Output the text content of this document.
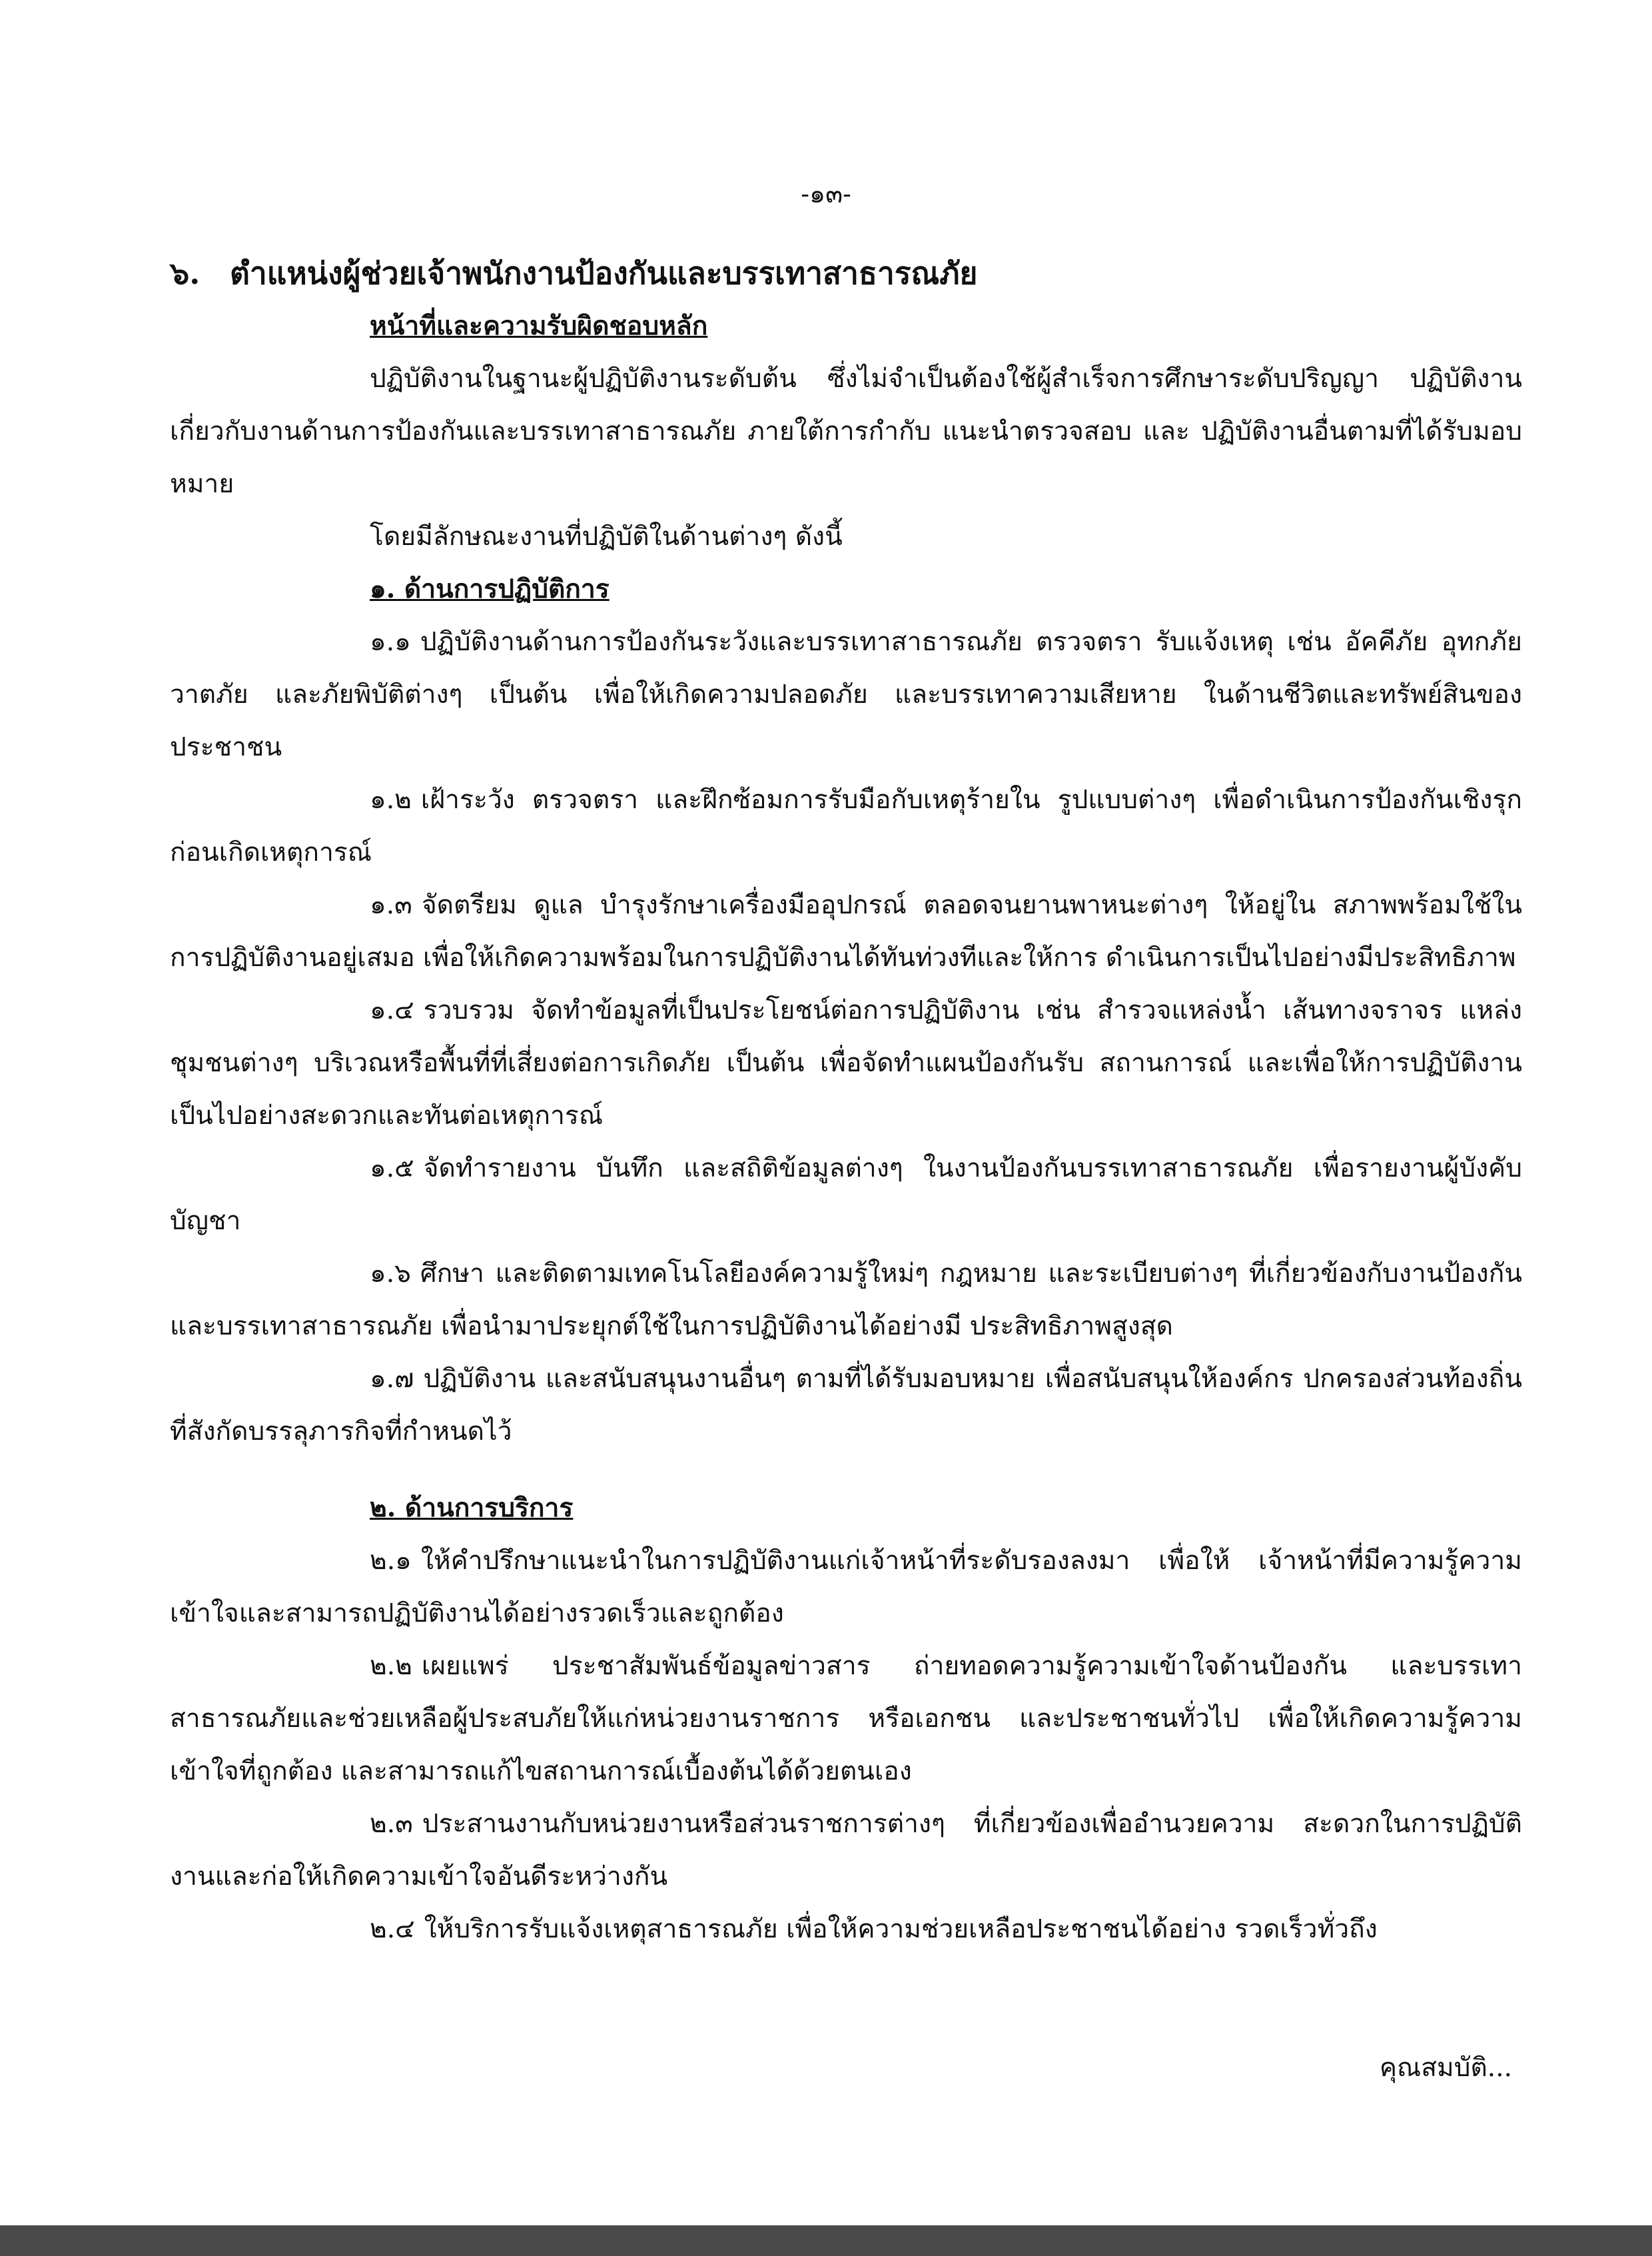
-๑๓-
๖. ตำแหน่งผู้ช่วยเจ้าพนักงานป้องกันและบรรเทาสาธารณภัย
หน้าที่และความรับผิดชอบหลัก

ปฏิบัติงานในฐานะผู้ปฏิบัติงานระดับต้น ซึ่งไม่จำเป็นต้องใช้ผู้สำเร็จการศึกษาระดับปริญญา ปฏิบัติงานเกี่ยวกับงานด้านการป้องกันและบรรเทาสาธารณภัย ภายใต้การกำกับ แนะนำตรวจสอบ และ ปฏิบัติงานอื่นตามที่ได้รับมอบหมาย

โดยมีลักษณะงานที่ปฏิบัติในด้านต่างๆ ดังนี้

๑. ด้านการปฏิบัติการ

๑.๑ ปฏิบัติงานด้านการป้องกันระวังและบรรเทาสาธารณภัย ตรวจตรา รับแจ้งเหตุ เช่น อัคคีภัย อุทกภัย วาตภัย และภัยพิบัติต่างๆ เป็นต้น เพื่อให้เกิดความปลอดภัย และบรรเทาความเสียหาย ในด้านชีวิตและทรัพย์สินของประชาชน

๑.๒ เฝ้าระวัง ตรวจตรา และฝึกซ้อมการรับมือกับเหตุร้ายใน รูปแบบต่างๆ เพื่อดำเนินการป้องกันเชิงรุกก่อนเกิดเหตุการณ์

๑.๓ จัดตรียม ดูแล บำรุงรักษาเครื่องมืออุปกรณ์ ตลอดจนยานพาหนะต่างๆ ให้อยู่ใน สภาพพร้อมใช้ในการปฏิบัติงานอยู่เสมอ เพื่อให้เกิดความพร้อมในการปฏิบัติงานได้ทันท่วงทีและให้การ ดำเนินการเป็นไปอย่างมีประสิทธิภาพ

๑.๔ รวบรวม จัดทำข้อมูลที่เป็นประโยชน์ต่อการปฏิบัติงาน เช่น สำรวจแหล่งน้ำ เส้นทางจราจร แหล่งชุมชนต่างๆ บริเวณหรือพื้นที่ที่เสี่ยงต่อการเกิดภัย เป็นต้น เพื่อจัดทำแผนป้องกันรับ สถานการณ์ และเพื่อให้การปฏิบัติงานเป็นไปอย่างสะดวกและทันต่อเหตุการณ์

๑.๕ จัดทำรายงาน บันทึก และสถิติข้อมูลต่างๆ ในงานป้องกันบรรเทาสาธารณภัย เพื่อรายงานผู้บังคับบัญชา

๑.๖ ศึกษา และติดตามเทคโนโลยีองค์ความรู้ใหม่ๆ กฎหมาย และระเบียบต่างๆ ที่เกี่ยวข้องกับงานป้องกันและบรรเทาสาธารณภัย เพื่อนำมาประยุกต์ใช้ในการปฏิบัติงานได้อย่างมี ประสิทธิภาพสูงสุด

๑.๗ ปฏิบัติงาน และสนับสนุนงานอื่นๆ ตามที่ได้รับมอบหมาย เพื่อสนับสนุนให้องค์กร ปกครองส่วนท้องถิ่นที่สังกัดบรรลุภารกิจที่กำหนดไว้

๒. ด้านการบริการ

๒.๑ ให้คำปรึกษาแนะนำในการปฏิบัติงานแก่เจ้าหน้าที่ระดับรองลงมา เพื่อให้ เจ้าหน้าที่มีความรู้ความเข้าใจและสามารถปฏิบัติงานได้อย่างรวดเร็วและถูกต้อง

๒.๒ เผยแพร่ ประชาสัมพันธ์ข้อมูลข่าวสาร ถ่ายทอดความรู้ความเข้าใจด้านป้องกัน และบรรเทาสาธารณภัยและช่วยเหลือผู้ประสบภัยให้แก่หน่วยงานราชการ หรือเอกชน และประชาชนทั่วไป เพื่อให้เกิดความรู้ความเข้าใจที่ถูกต้อง และสามารถแก้ไขสถานการณ์เบื้องต้นได้ด้วยตนเอง

๒.๓ ประสานงานกับหน่วยงานหรือส่วนราชการต่างๆ ที่เกี่ยวข้องเพื่ออำนวยความ สะดวกในการปฏิบัติงานและก่อให้เกิดความเข้าใจอันดีระหว่างกัน

๒.๔ ให้บริการรับแจ้งเหตุสาธารณภัย เพื่อให้ความช่วยเหลือประชาชนได้อย่าง รวดเร็วทั่วถึง

คุณสมบัติ...
